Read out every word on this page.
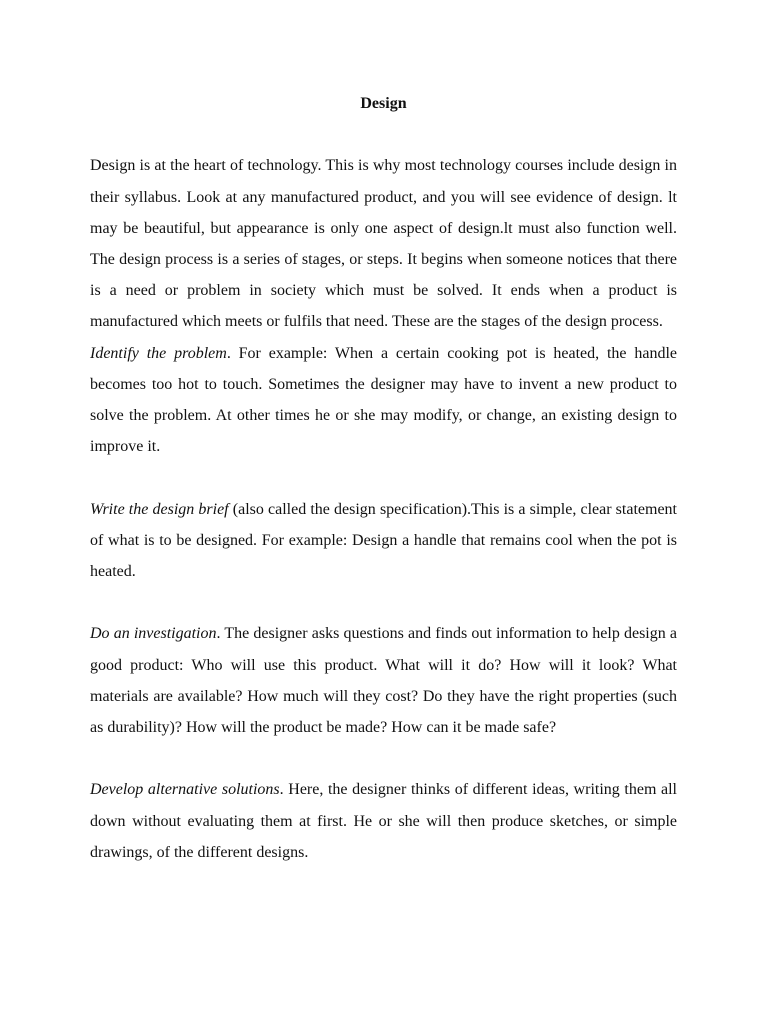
Design

Design is at the heart of technology. This is why most technology courses include design in their syllabus. Look at any manufactured product, and you will see evidence of design. lt may be beautiful, but appearance is only one aspect of design.lt must also function well. The design process is a series of stages, or steps. It begins when someone notices that there is a need or problem in society which must be solved. It ends when a product is manufactured which meets or fulfils that need. These are the stages of the design process.

Identify the problem. For example: When a certain cooking pot is heated, the handle becomes too hot to touch. Sometimes the designer may have to invent a new product to solve the problem. At other times he or she may modify, or change, an existing design to improve it.

Write the design brief (also called the design specification).This is a simple, clear statement of what is to be designed. For example: Design a handle that remains cool when the pot is heated.

Do an investigation. The designer asks questions and finds out information to help design a good product: Who will use this product. What will it do? How will it look? What materials are available? How much will they cost? Do they have the right properties (such as durability)? How will the product be made? How can it be made safe?

Develop alternative solutions. Here, the designer thinks of different ideas, writing them all down without evaluating them at first. He or she will then produce sketches, or simple drawings, of the different designs.
